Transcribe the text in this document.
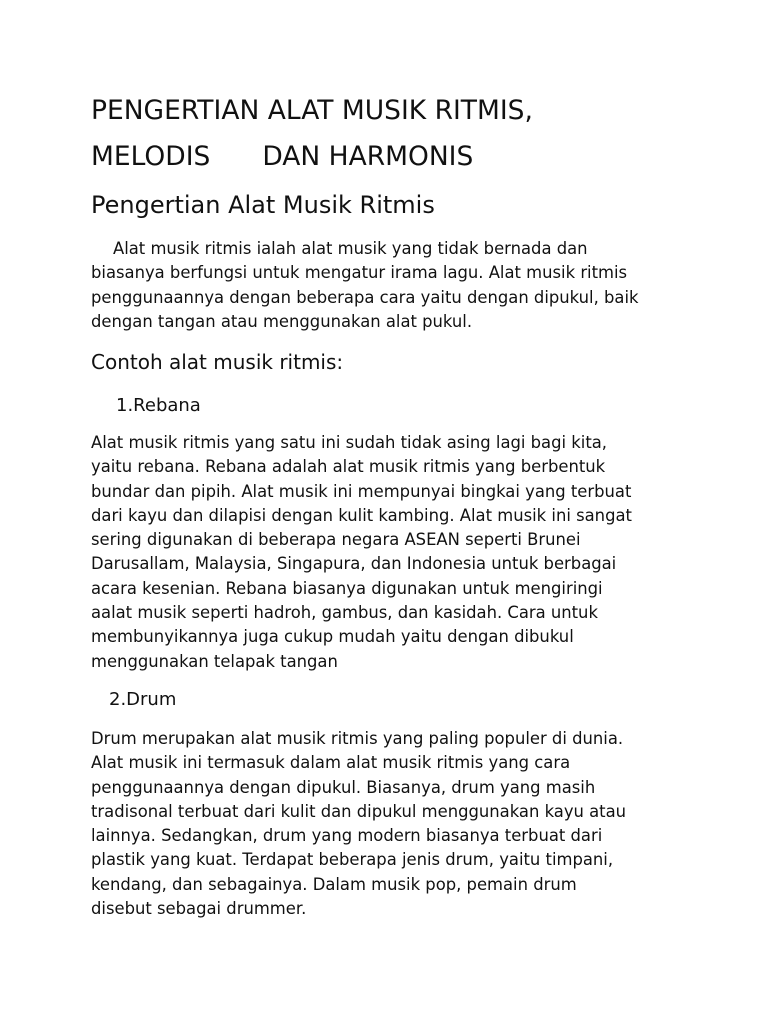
PENGERTIAN ALAT MUSIK RITMIS,
MELODIS DAN HARMONIS
Pengertian Alat Musik Ritmis

Alat musik ritmis ialah alat musik yang tidak bernada dan
biasanya berfungsi untuk mengatur irama lagu. Alat musik ritmis
penggunaannya dengan beberapa cara yaitu dengan dipukul, baik
dengan tangan atau menggunakan alat pukul.

Contoh alat musik ritmis:
1.Rebana

Alat musik ritmis yang satu ini sudah tidak asing lagi bagi kita,
yaitu rebana. Rebana adalah alat musik ritmis yang berbentuk
bundar dan pipih. Alat musik ini mempunyai bingkai yang terbuat
dari kayu dan dilapisi dengan kulit kambing. Alat musik ini sangat
sering digunakan di beberapa negara ASEAN seperti Brunei
Darusallam, Malaysia, Singapura, dan Indonesia untuk berbagai
acara kesenian. Rebana biasanya digunakan untuk mengiringi
aalat musik seperti hadroh, gambus, dan kasidah. Cara untuk
membunyikannya juga cukup mudah yaitu dengan dibukul
menggunakan telapak tangan

2.Drum

Drum merupakan alat musik ritmis yang paling populer di dunia.
Alat musik ini termasuk dalam alat musik ritmis yang cara
penggunaannya dengan dipukul. Biasanya, drum yang masih
tradisonal terbuat dari kulit dan dipukul menggunakan kayu atau
lainnya. Sedangkan, drum yang modern biasanya terbuat dari
plastik yang kuat. Terdapat beberapa jenis drum, yaitu timpani,
kendang, dan sebagainya. Dalam musik pop, pemain drum
disebut sebagai drummer.
